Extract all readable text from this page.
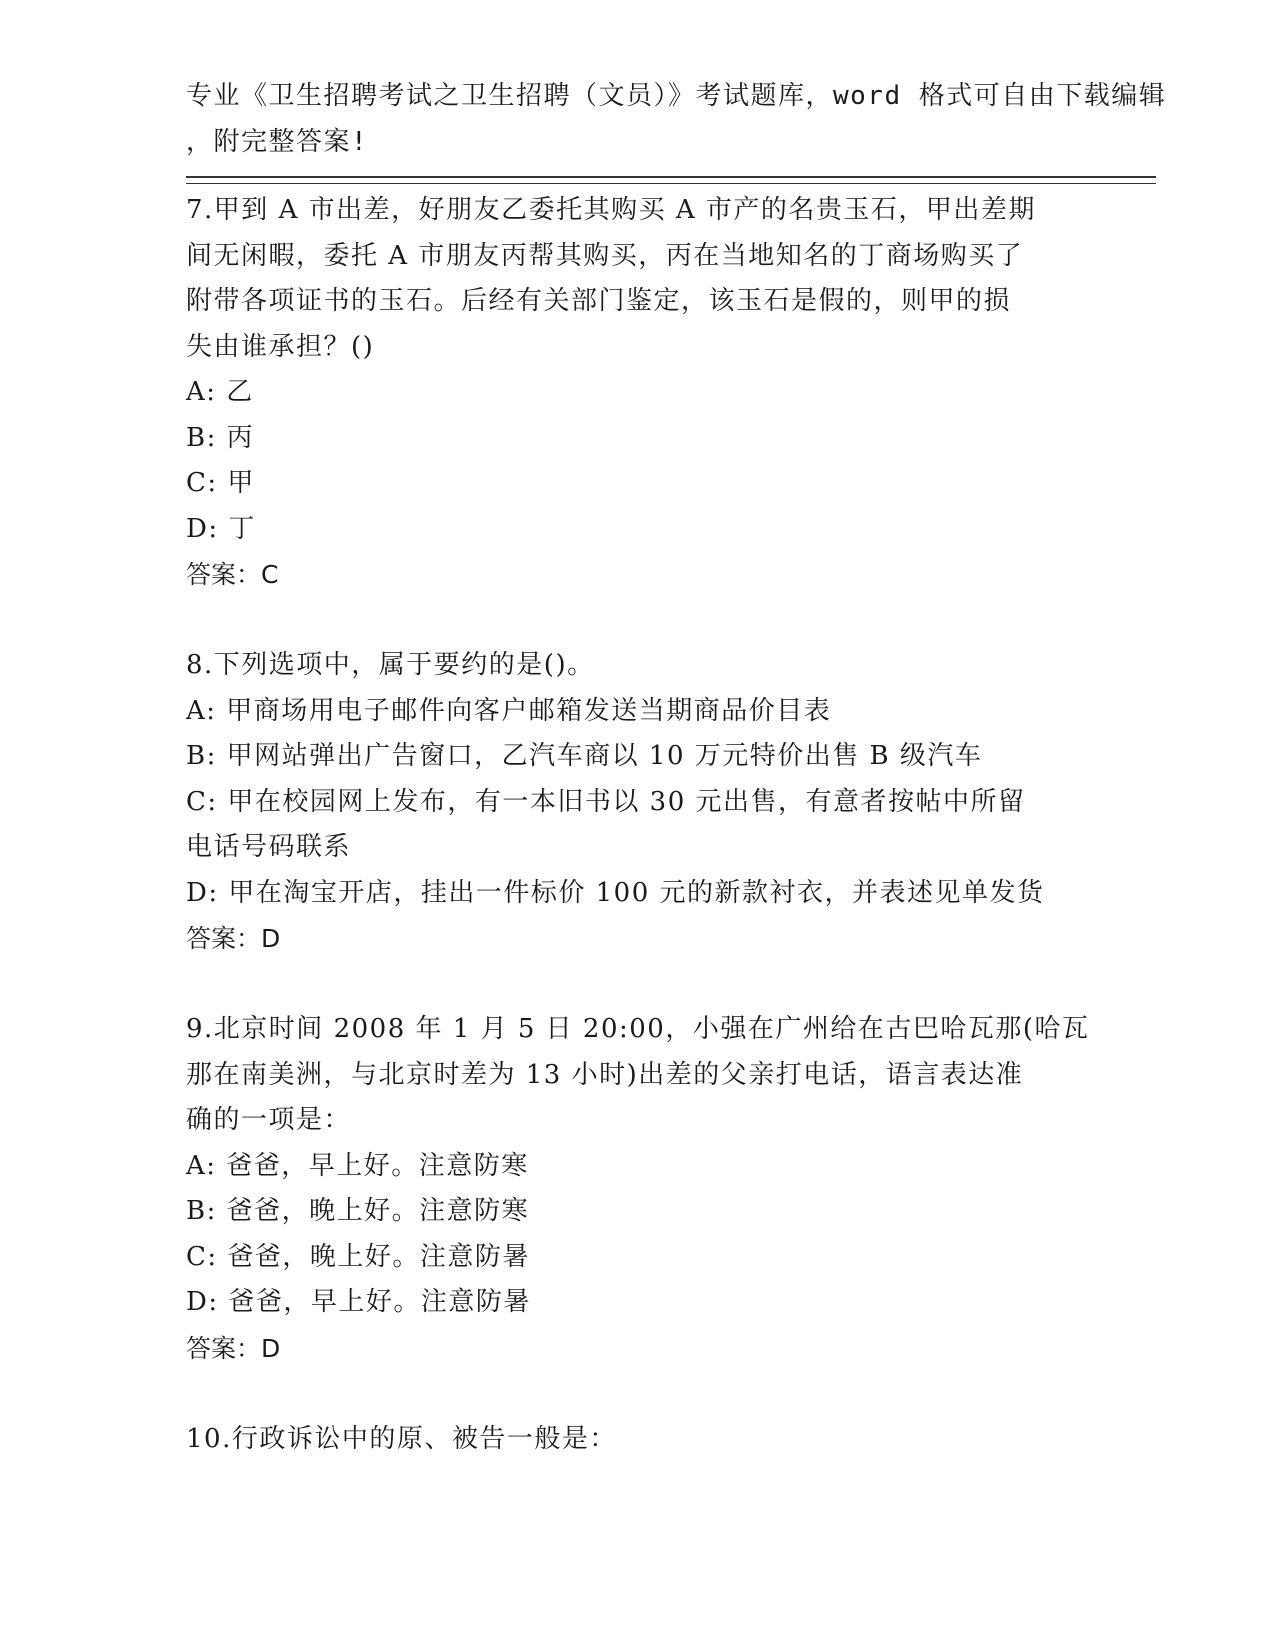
专业《卫生招聘考试之卫生招聘（文员）》考试题库，word 格式可自由下载编辑
，附完整答案!
7.甲到 A 市出差，好朋友乙委托其购买 A 市产的名贵玉石，甲出差期
间无闲暇，委托 A 市朋友丙帮其购买，丙在当地知名的丁商场购买了
附带各项证书的玉石。后经有关部门鉴定，该玉石是假的，则甲的损
失由谁承担？()
A: 乙
B: 丙
C: 甲
D: 丁
答案：C
8.下列选项中，属于要约的是()。
A: 甲商场用电子邮件向客户邮箱发送当期商品价目表
B: 甲网站弹出广告窗口，乙汽车商以 10 万元特价出售 B 级汽车
C: 甲在校园网上发布，有一本旧书以 30 元出售，有意者按帖中所留
电话号码联系
D: 甲在淘宝开店，挂出一件标价 100 元的新款衬衣，并表述见单发货
答案：D
9.北京时间 2008 年 1 月 5 日 20:00，小强在广州给在古巴哈瓦那(哈瓦
那在南美洲，与北京时差为 13 小时)出差的父亲打电话，语言表达准
确的一项是：
A: 爸爸，早上好。注意防寒
B: 爸爸，晚上好。注意防寒
C: 爸爸，晚上好。注意防暑
D: 爸爸，早上好。注意防暑
答案：D
10.行政诉讼中的原、被告一般是：
